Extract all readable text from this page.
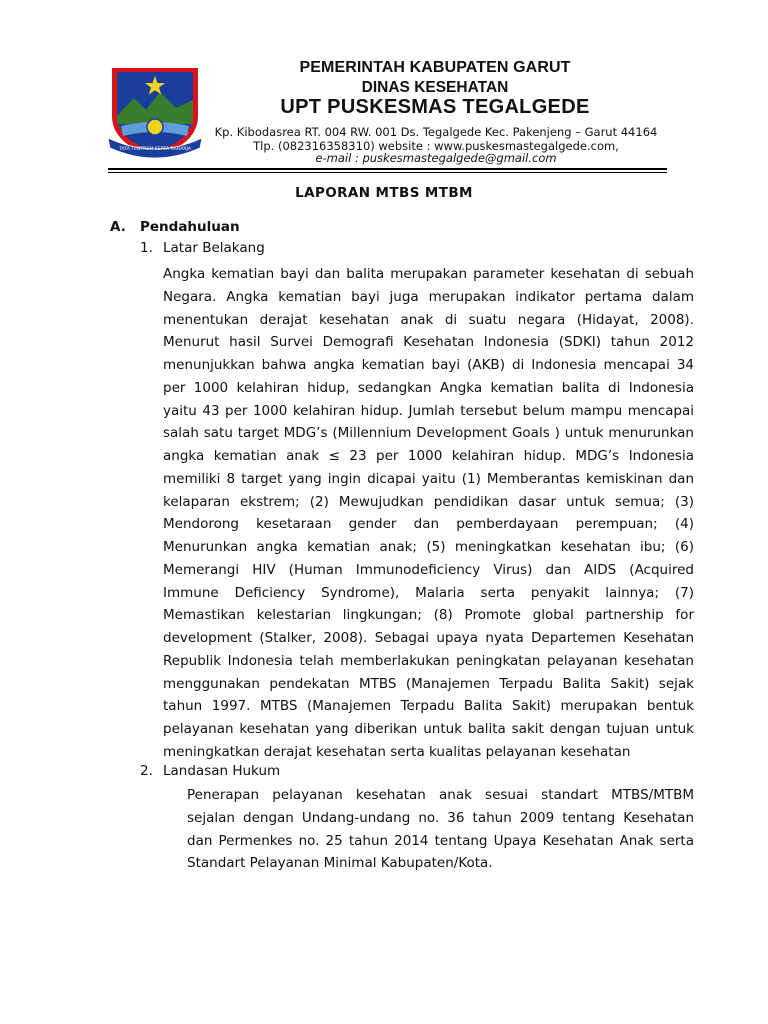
TATA TENTREM KERTA RAHARJA
PEMERINTAH KABUPATEN GARUT
DINAS KESEHATAN
UPT PUSKESMAS TEGALGEDE
Kp. Kibodasrea RT. 004 RW. 001 Ds. Tegalgede Kec. Pakenjeng – Garut 44164
Tlp. (082316358310) website : www.puskesmastegalgede.com,
e-mail : puskesmastegalgede@gmail.com
LAPORAN MTBS MTBM
A. Pendahuluan
1. Latar Belakang

Angka kematian bayi dan balita merupakan parameter kesehatan di sebuah

Negara. Angka kematian bayi juga merupakan indikator pertama dalam

menentukan derajat kesehatan anak di suatu negara (Hidayat, 2008).

Menurut hasil Survei Demografi Kesehatan Indonesia (SDKI) tahun 2012

menunjukkan bahwa angka kematian bayi (AKB) di Indonesia mencapai 34

per 1000 kelahiran hidup, sedangkan Angka kematian balita di Indonesia

yaitu 43 per 1000 kelahiran hidup. Jumlah tersebut belum mampu mencapai

salah satu target MDG’s (Millennium Development Goals ) untuk menurunkan

angka kematian anak ≤ 23 per 1000 kelahiran hidup. MDG’s Indonesia

memiliki 8 target yang ingin dicapai yaitu (1) Memberantas kemiskinan dan

kelaparan ekstrem; (2) Mewujudkan pendidikan dasar untuk semua; (3)

Mendorong kesetaraan gender dan pemberdayaan perempuan; (4)

Menurunkan angka kematian anak; (5) meningkatkan kesehatan ibu; (6)

Memerangi HIV (Human Immunodeficiency Virus) dan AIDS (Acquired

Immune Deficiency Syndrome), Malaria serta penyakit lainnya; (7)

Memastikan kelestarian lingkungan; (8) Promote global partnership for

development (Stalker, 2008). Sebagai upaya nyata Departemen Kesehatan

Republik Indonesia telah memberlakukan peningkatan pelayanan kesehatan

menggunakan pendekatan MTBS (Manajemen Terpadu Balita Sakit) sejak

tahun 1997. MTBS (Manajemen Terpadu Balita Sakit) merupakan bentuk

pelayanan kesehatan yang diberikan untuk balita sakit dengan tujuan untuk

meningkatkan derajat kesehatan serta kualitas pelayanan kesehatan

2. Landasan Hukum

Penerapan pelayanan kesehatan anak sesuai standart MTBS/MTBM

sejalan dengan Undang-undang no. 36 tahun 2009 tentang Kesehatan

dan Permenkes no. 25 tahun 2014 tentang Upaya Kesehatan Anak serta

Standart Pelayanan Minimal Kabupaten/Kota.
